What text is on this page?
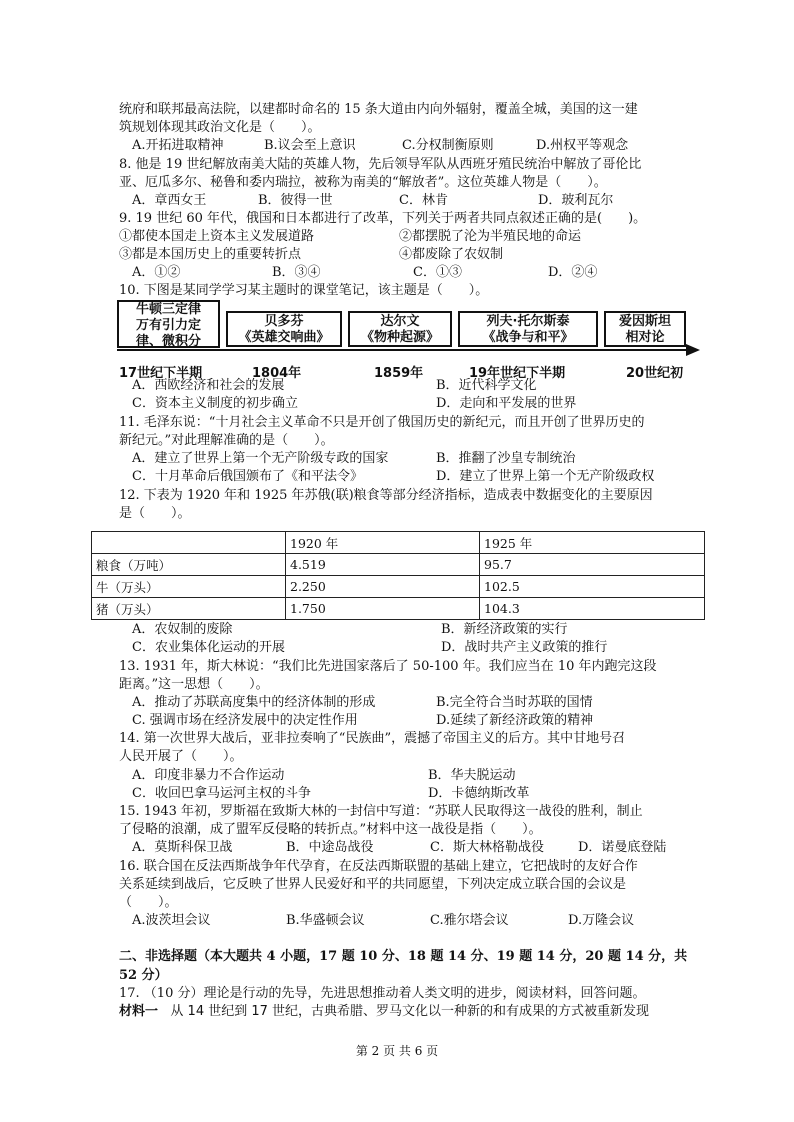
统府和联邦最高法院，以建都时命名的 15 条大道由内向外辐射，覆盖全城，美国的这一建
筑规划体现其政治文化是（　　）。
A.开拓进取精神	B.议会至上意识	C.分权制衡原则	D.州权平等观念
8. 他是 19 世纪解放南美大陆的英雄人物，先后领导军队从西班牙殖民统治中解放了哥伦比
亚、厄瓜多尔、秘鲁和委内瑞拉，被称为南美的“解放者”。这位英雄人物是（　　）。
A．章西女王	B．彼得一世	C．林肯	D．玻利瓦尔
9. 19 世纪 60 年代，俄国和日本都进行了改革，下列关于两者共同点叙述正确的是(　　)。
①都使本国走上资本主义发展道路	②都摆脱了沦为半殖民地的命运
③都是本国历史上的重要转折点	④都废除了农奴制
A．①②	B．③④	C．①③	D．②④
10. 下图是某同学学习某主题时的课堂笔记，该主题是（　　）。
牛顿三定律
万有引力定
律、微积分
贝多芬
《英雄交响曲》
达尔文
《物种起源》
列夫·托尔斯泰
《战争与和平》
爱因斯坦
相对论
17世纪下半期	1804年	1859年	19年世纪下半期	20世纪初
A．西欧经济和社会的发展	B．近代科学文化
C．资本主义制度的初步确立	D．走向和平发展的世界
11. 毛泽东说：“十月社会主义革命不只是开创了俄国历史的新纪元，而且开创了世界历史的
新纪元。”对此理解准确的是（　　）。
A．建立了世界上第一个无产阶级专政的国家	B．推翻了沙皇专制统治
C．十月革命后俄国颁布了《和平法令》	D．建立了世界上第一个无产阶级政权
12. 下表为 1920 年和 1925 年苏俄(联)粮食等部分经济指标，造成表中数据变化的主要原因
是（　　）。
	1920 年	1925 年
粮食（万吨）	4.519	95.7
牛（万头）	2.250	102.5
猪（万头）	1.750	104.3
A．农奴制的废除	B．新经济政策的实行
C．农业集体化运动的开展	D．战时共产主义政策的推行
13. 1931 年，斯大林说：“我们比先进国家落后了 50-100 年。我们应当在 10 年内跑完这段
距离。”这一思想（　　）。
A．推动了苏联高度集中的经济体制的形成	B.完全符合当时苏联的国情
C. 强调市场在经济发展中的决定性作用	D.延续了新经济政策的精神
14. 第一次世界大战后，亚非拉奏响了“民族曲”，震撼了帝国主义的后方。其中甘地号召
人民开展了（　　）。
A．印度非暴力不合作运动	B．华夫脱运动
C．收回巴拿马运河主权的斗争	D．卡德纳斯改革
15. 1943 年初，罗斯福在致斯大林的一封信中写道：“苏联人民取得这一战役的胜利，制止
了侵略的浪潮，成了盟军反侵略的转折点。”材料中这一战役是指（　　）。
A．莫斯科保卫战	B．中途岛战役	C．斯大林格勒战役	D．诺曼底登陆
16. 联合国在反法西斯战争年代孕育，在反法西斯联盟的基础上建立，它把战时的友好合作
关系延续到战后，它反映了世界人民爱好和平的共同愿望，下列决定成立联合国的会议是
（　　）。
A.波茨坦会议	B.华盛顿会议	C.雅尔塔会议	D.万隆会议
二、非选择题（本大题共 4 小题，17 题 10 分、18 题 14 分、19 题 14 分，20 题 14 分，共
52 分）
17. （10 分）理论是行动的先导，先进思想推动着人类文明的进步，阅读材料，回答问题。
材料一 从 14 世纪到 17 世纪，古典希腊、罗马文化以一种新的和有成果的方式被重新发现
第 2 页 共 6 页
